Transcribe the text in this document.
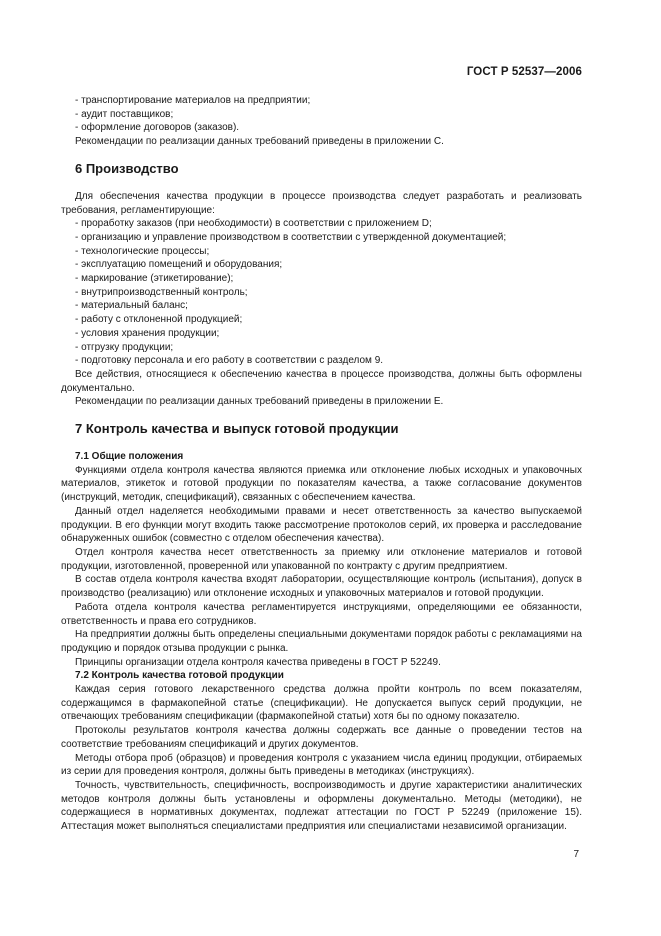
ГОСТ Р 52537—2006

- транспортирование материалов на предприятии;

- аудит поставщиков;

- оформление договоров (заказов).

Рекомендации по реализации данных требований приведены в приложении С.

6 Производство

Для обеспечения качества продукции в процессе производства следует разработать и реализовать требования, регламентирующие:

- проработку заказов (при необходимости) в соответствии с приложением D;

- организацию и управление производством в соответствии с утвержденной документацией;

- технологические процессы;

- эксплуатацию помещений и оборудования;

- маркирование (этикетирование);

- внутрипроизводственный контроль;

- материальный баланс;

- работу с отклоненной продукцией;

- условия хранения продукции;

- отгрузку продукции;

- подготовку персонала и его работу в соответствии с разделом 9.

Все действия, относящиеся к обеспечению качества в процессе производства, должны быть оформлены документально.

Рекомендации по реализации данных требований приведены в приложении Е.

7 Контроль качества и выпуск готовой продукции
7.1 Общие положения

Функциями отдела контроля качества являются приемка или отклонение любых исходных и упаковочных материалов, этикеток и готовой продукции по показателям качества, а также согласование документов (инструкций, методик, спецификаций), связанных с обеспечением качества.

Данный отдел наделяется необходимыми правами и несет ответственность за качество выпускаемой продукции. В его функции могут входить также рассмотрение протоколов серий, их проверка и расследование обнаруженных ошибок (совместно с отделом обеспечения качества).

Отдел контроля качества несет ответственность за приемку или отклонение материалов и готовой продукции, изготовленной, проверенной или упакованной по контракту с другим предприятием.

В состав отдела контроля качества входят лаборатории, осуществляющие контроль (испытания), допуск в производство (реализацию) или отклонение исходных и упаковочных материалов и готовой продукции.

Работа отдела контроля качества регламентируется инструкциями, определяющими ее обязанности, ответственность и права его сотрудников.

На предприятии должны быть определены специальными документами порядок работы с рекламациями на продукцию и порядок отзыва продукции с рынка.

Принципы организации отдела контроля качества приведены в ГОСТ Р 52249.

7.2 Контроль качества готовой продукции

Каждая серия готового лекарственного средства должна пройти контроль по всем показателям, содержащимся в фармакопейной статье (спецификации). Не допускается выпуск серий продукции, не отвечающих требованиям спецификации (фармакопейной статьи) хотя бы по одному показателю.

Протоколы результатов контроля качества должны содержать все данные о проведении тестов на соответствие требованиям спецификаций и других документов.

Методы отбора проб (образцов) и проведения контроля с указанием числа единиц продукции, отбираемых из серии для проведения контроля, должны быть приведены в методиках (инструкциях).

Точность, чувствительность, специфичность, воспроизводимость и другие характеристики аналитических методов контроля должны быть установлены и оформлены документально. Методы (методики), не содержащиеся в нормативных документах, подлежат аттестации по ГОСТ Р 52249 (приложение 15). Аттестация может выполняться специалистами предприятия или специалистами независимой организации.

7
